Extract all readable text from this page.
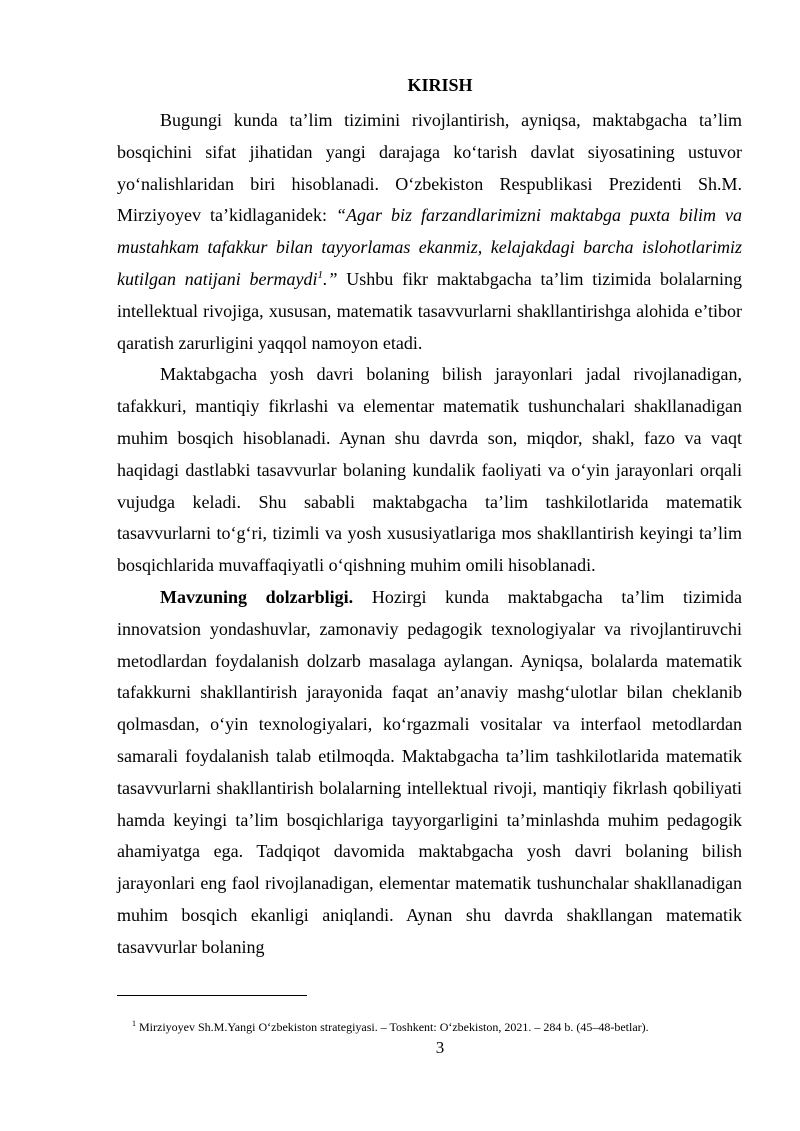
KIRISH

Bugungi kunda ta’lim tizimini rivojlantirish, ayniqsa, maktabgacha ta’lim bosqichini sifat jihatidan yangi darajaga ko‘tarish davlat siyosatining ustuvor yo‘nalishlaridan biri hisoblanadi. O‘zbekiston Respublikasi Prezidenti Sh.M. Mirziyoyev ta’kidlaganidek: “Agar biz farzandlarimizni maktabga puxta bilim va mustahkam tafakkur bilan tayyorlamas ekanmiz, kelajakdagi barcha islohotlarimiz kutilgan natijani bermaydi$^1$.” Ushbu fikr maktabgacha ta’lim tizimida bolalarning intellektual rivojiga, xususan, matematik tasavvurlarni shakllantirishga alohida e’tibor qaratish zarurligini yaqqol namoyon etadi.

Maktabgacha yosh davri bolaning bilish jarayonlari jadal rivojlanadigan, tafakkuri, mantiqiy fikrlashi va elementar matematik tushunchalari shakllanadigan muhim bosqich hisoblanadi. Aynan shu davrda son, miqdor, shakl, fazo va vaqt haqidagi dastlabki tasavvurlar bolaning kundalik faoliyati va o‘yin jarayonlari orqali vujudga keladi. Shu sababli maktabgacha ta’lim tashkilotlarida matematik tasavvurlarni to‘g‘ri, tizimli va yosh xususiyatlariga mos shakllantirish keyingi ta’lim bosqichlarida muvaffaqiyatli o‘qishning muhim omili hisoblanadi.

Mavzuning dolzarbligi. Hozirgi kunda maktabgacha ta’lim tizimida innovatsion yondashuvlar, zamonaviy pedagogik texnologiyalar va rivojlantiruvchi metodlardan foydalanish dolzarb masalaga aylangan. Ayniqsa, bolalarda matematik tafakkurni shakllantirish jarayonida faqat an’anaviy mashg‘ulotlar bilan cheklanib qolmasdan, o‘yin texnologiyalari, ko‘rgazmali vositalar va interfaol metodlardan samarali foydalanish talab etilmoqda. Maktabgacha ta’lim tashkilotlarida matematik tasavvurlarni shakllantirish bolalarning intellektual rivoji, mantiqiy fikrlash qobiliyati hamda keyingi ta’lim bosqichlariga tayyorgarligini ta’minlashda muhim pedagogik ahamiyatga ega. Tadqiqot davomida maktabgacha yosh davri bolaning bilish jarayonlari eng faol rivojlanadigan, elementar matematik tushunchalar shakllanadigan muhim bosqich ekanligi aniqlandi. Aynan shu davrda shakllangan matematik tasavvurlar bolaning

$^1$ Mirziyoyev Sh.M.Yangi O‘zbekiston strategiyasi. – Toshkent: O‘zbekiston, 2021. – 284 b. (45–48-betlar).
3
